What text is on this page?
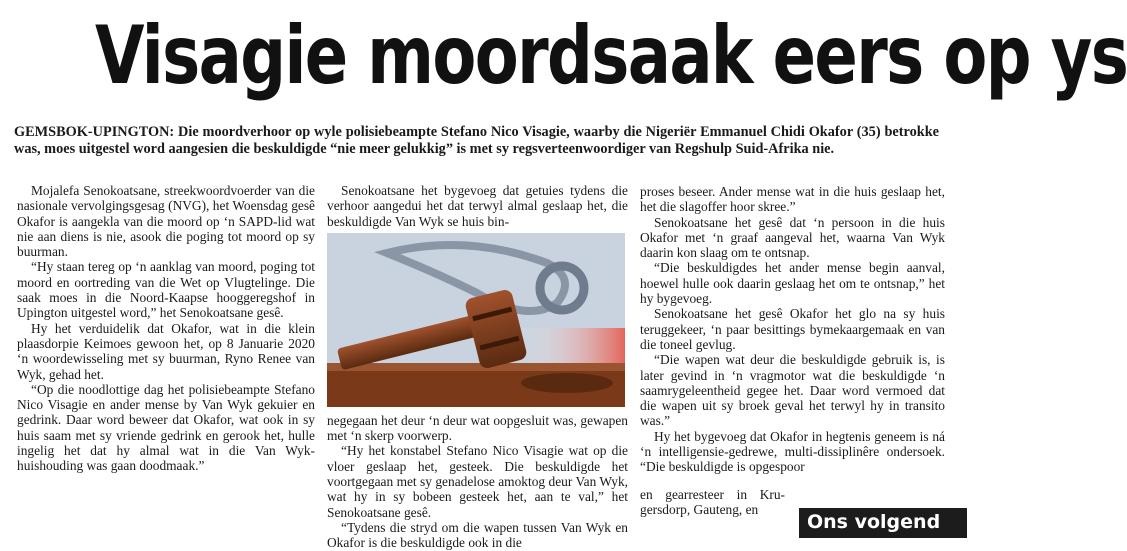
Visagie moordsaak eers op ys

GEMSBOK-UPINGTON: Die moordverhoor op wyle polisiebeampte Stefano Nico Visagie, waarby die Nigeriër Emmanuel Chidi Okafor (35) betrokke was, moes uitgestel word aangesien die beskuldigde “nie meer gelukkig” is met sy regsverteenwoordiger van Regshulp Suid-Afrika nie.

Mojalefa Senokoatsane, streekwoordvoerder van die nasionale vervolgingsgesag (NVG), het Woensdag gesê Okafor is aangekla van die moord op ‘n SAPD-lid wat nie aan diens is nie, asook die poging tot moord op sy buurman.

“Hy staan tereg op ‘n aanklag van moord, poging tot moord en oortreding van die Wet op Vlugtelinge. Die saak moes in die Noord-Kaapse hooggeregshof in Upington uitgestel word,” het Senokoatsane gesê.

Hy het verduidelik dat Okafor, wat in die klein plaasdorpie Keimoes gewoon het, op 8 Januarie 2020 ‘n woordewisseling met sy buurman, Ryno Renee van Wyk, gehad het.

“Op die noodlottige dag het polisiebeampte Stefano Nico Visagie en ander mense by Van Wyk gekuier en gedrink. Daar word beweer dat Okafor, wat ook in sy huis saam met sy vriende gedrink en gerook het, hulle ingelig het dat hy almal wat in die Van Wyk-huishouding was gaan doodmaak.”

Senokoatsane het bygevoeg dat getuies tydens die verhoor aangedui het dat terwyl almal geslaap het, die beskuldigde Van Wyk se huis bin-

negegaan het deur ‘n deur wat oopgesluit was, gewapen met ‘n skerp voorwerp.

“Hy het konstabel Stefano Nico Visagie wat op die vloer geslaap het, gesteek. Die beskuldigde het voortgegaan met sy genadelose amoktog deur Van Wyk, wat hy in sy bobeen gesteek het, aan te val,” het Senokoatsane gesê.

“Tydens die stryd om die wapen tussen Van Wyk en Okafor is die beskuldigde ook in die

proses beseer. Ander mense wat in die huis geslaap het, het die slagoffer hoor skree.”

Senokoatsane het gesê dat ‘n persoon in die huis Okafor met ‘n graaf aangeval het, waarna Van Wyk daarin kon slaag om te ontsnap.

“Die beskuldigdes het ander mense begin aanval, hoewel hulle ook daarin geslaag het om te ontsnap,” het hy bygevoeg.

Senokoatsane het gesê Okafor het glo na sy huis teruggekeer, ‘n paar besittings bymekaargemaak en van die toneel gevlug.

“Die wapen wat deur die beskuldigde gebruik is, is later gevind in ‘n vragmotor wat die beskuldigde ‘n saamrygeleentheid gegee het. Daar word vermoed dat die wapen uit sy broek geval het terwyl hy in transito was.”

Hy het bygevoeg dat Okafor in hegtenis geneem is ná ‘n intelligensie-gedrewe, multi-dissiplinêre ondersoek. “Die beskuldigde is opgespoor

en gearresteer in Krugersdorp, Gauteng, en

Ons volgend
